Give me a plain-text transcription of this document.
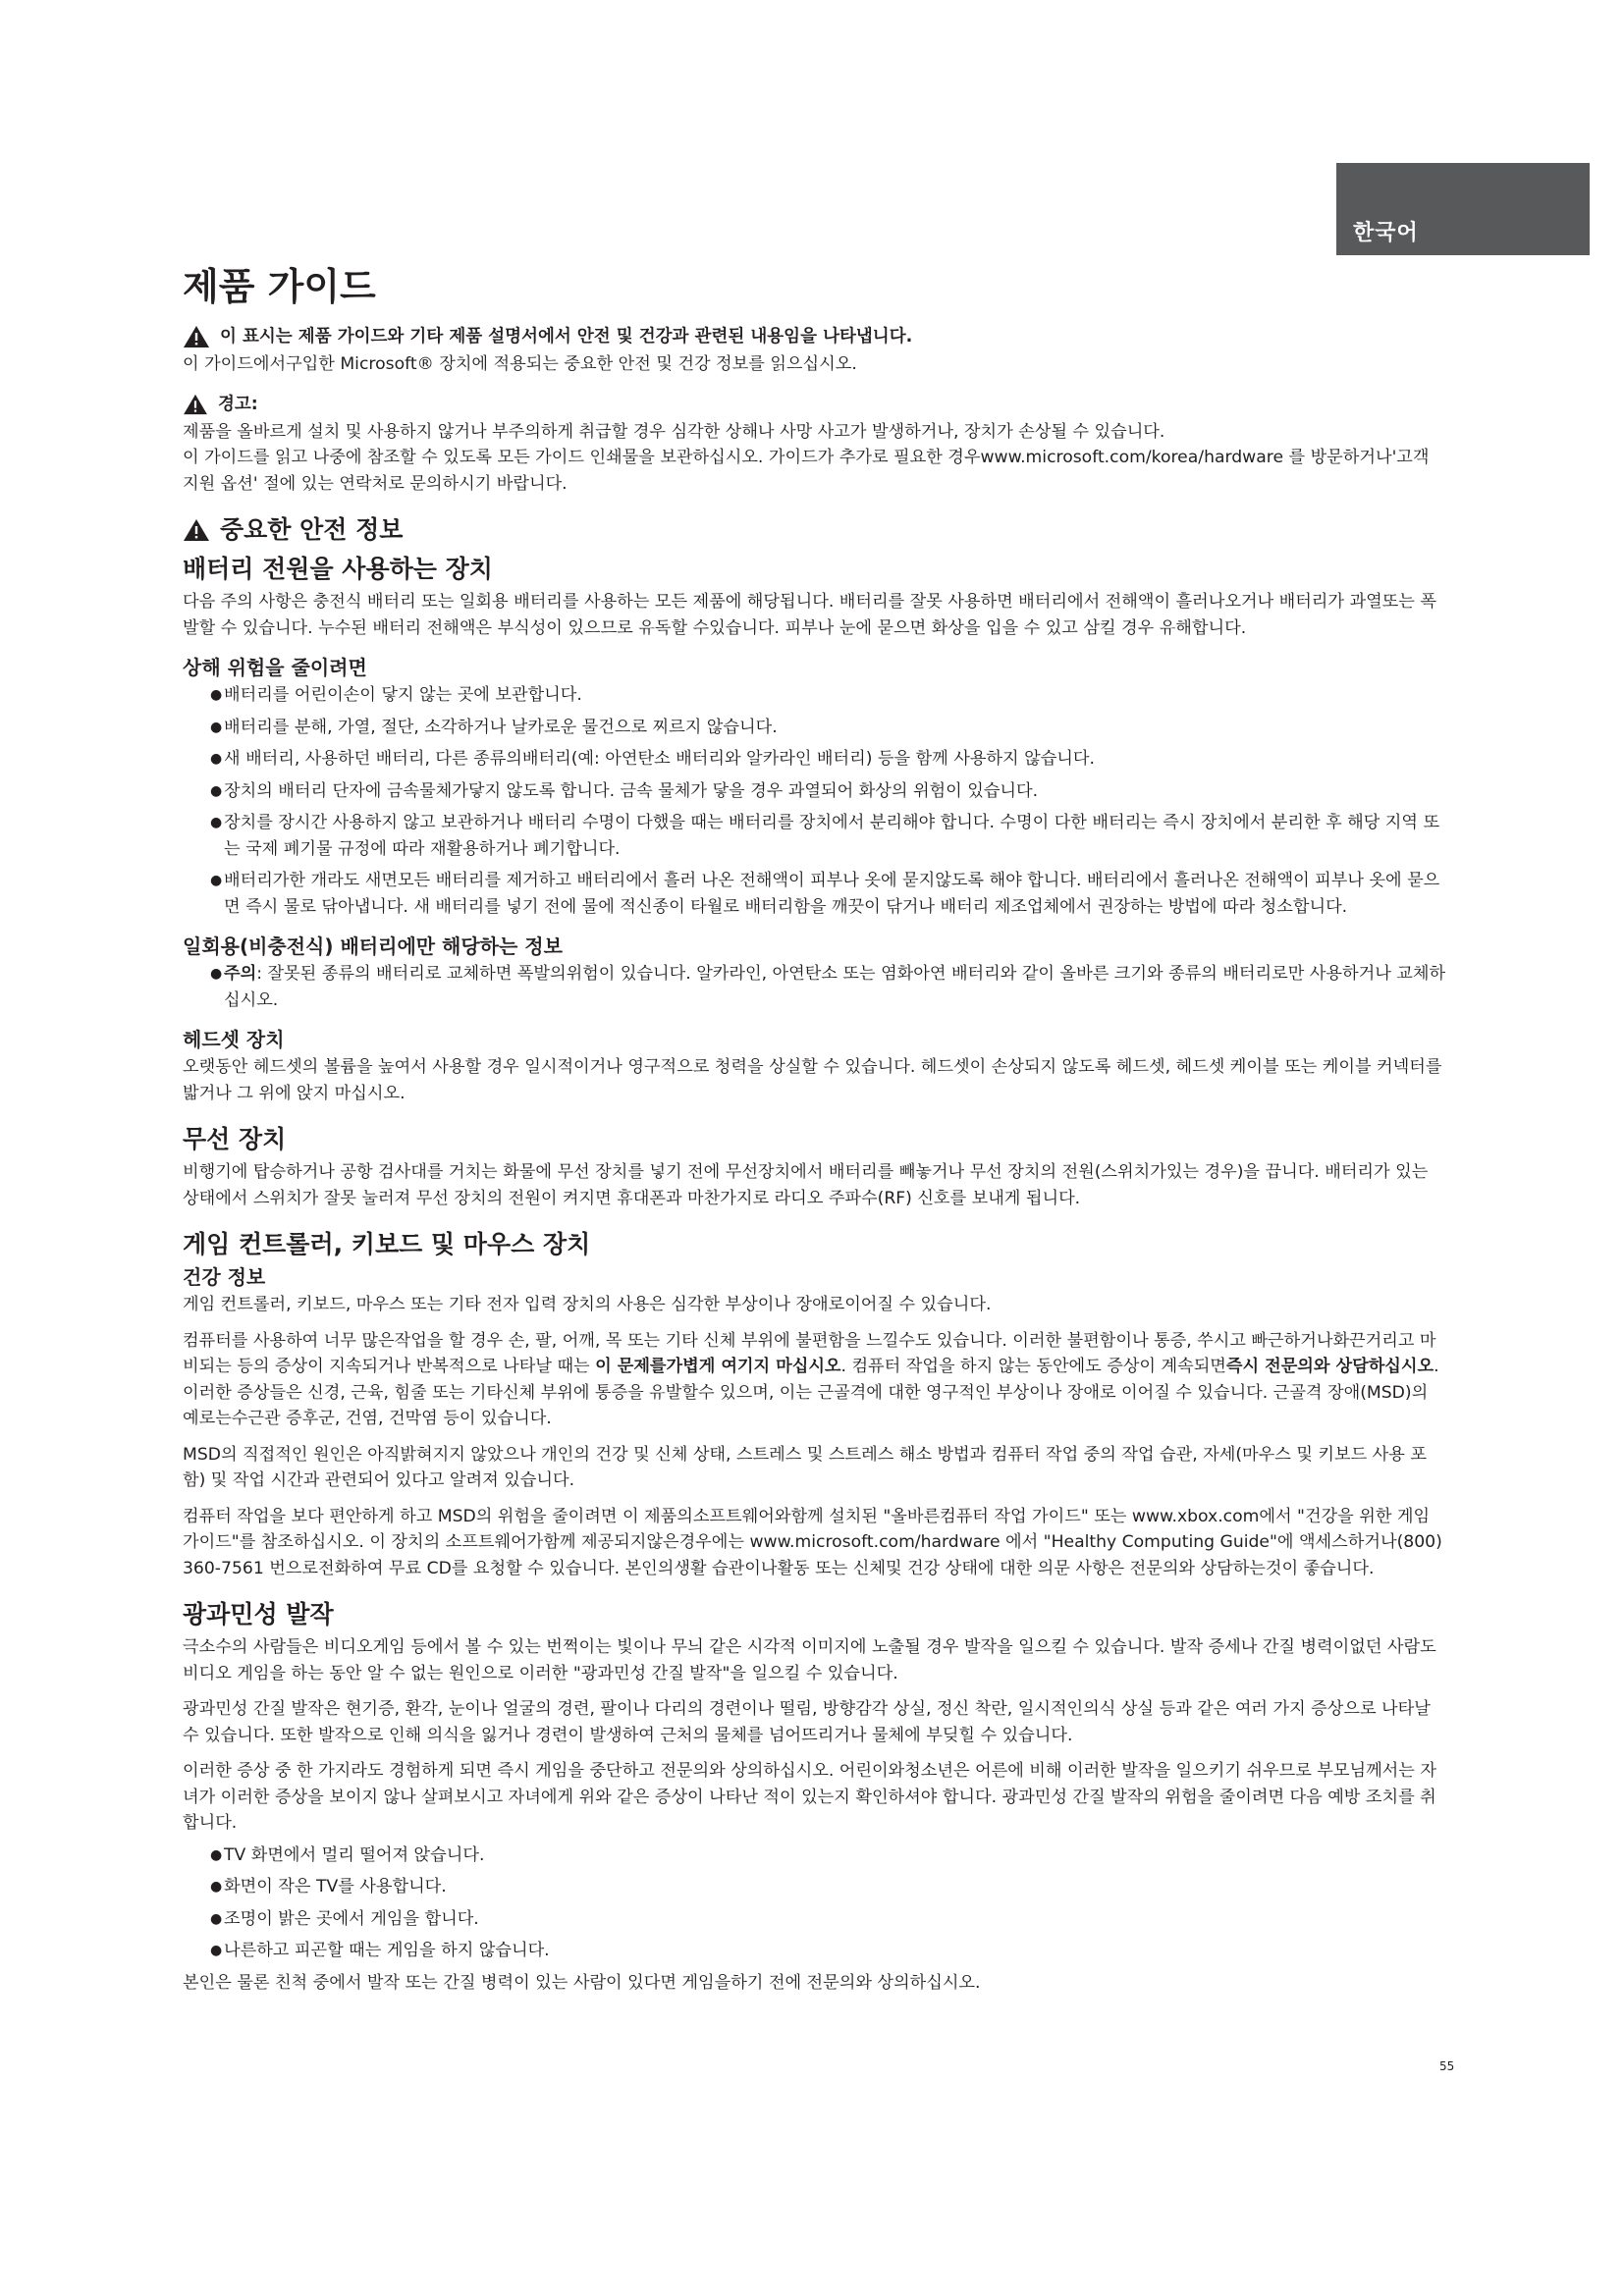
한국어
제품 가이드
이 표시는 제품 가이드와 기타 제품 설명서에서 안전 및 건강과 관련된 내용임을 나타냅니다.
이 가이드에서구입한 Microsoft® 장치에 적용되는 중요한 안전 및 건강 정보를 읽으십시오.
경고:
제품을 올바르게 설치 및 사용하지 않거나 부주의하게 취급할 경우 심각한 상해나 사망 사고가 발생하거나, 장치가 손상될 수 있습니다.
이 가이드를 읽고 나중에 참조할 수 있도록 모든 가이드 인쇄물을 보관하십시오. 가이드가 추가로 필요한 경우www.microsoft.com/korea/hardware 를 방문하거나'고객 지원 옵션' 절에 있는 연락처로 문의하시기 바랍니다.
중요한 안전 정보
배터리 전원을 사용하는 장치
다음 주의 사항은 충전식 배터리 또는 일회용 배터리를 사용하는 모든 제품에 해당됩니다. 배터리를 잘못 사용하면 배터리에서 전해액이 흘러나오거나 배터리가 과열또는 폭발할 수 있습니다. 누수된 배터리 전해액은 부식성이 있으므로 유독할 수있습니다. 피부나 눈에 묻으면 화상을 입을 수 있고 삼킬 경우 유해합니다.
상해 위험을 줄이려면
● 배터리를 어린이손이 닿지 않는 곳에 보관합니다.
● 배터리를 분해, 가열, 절단, 소각하거나 날카로운 물건으로 찌르지 않습니다.
● 새 배터리, 사용하던 배터리, 다른 종류의배터리(예: 아연탄소 배터리와 알카라인 배터리) 등을 함께 사용하지 않습니다.
● 장치의 배터리 단자에 금속물체가닿지 않도록 합니다. 금속 물체가 닿을 경우 과열되어 화상의 위험이 있습니다.
● 장치를 장시간 사용하지 않고 보관하거나 배터리 수명이 다했을 때는 배터리를 장치에서 분리해야 합니다. 수명이 다한 배터리는 즉시 장치에서 분리한 후 해당 지역 또는 국제 폐기물 규정에 따라 재활용하거나 폐기합니다.
● 배터리가한 개라도 새면모든 배터리를 제거하고 배터리에서 흘러 나온 전해액이 피부나 옷에 묻지않도록 해야 합니다. 배터리에서 흘러나온 전해액이 피부나 옷에 묻으면 즉시 물로 닦아냅니다. 새 배터리를 넣기 전에 물에 적신종이 타월로 배터리함을 깨끗이 닦거나 배터리 제조업체에서 권장하는 방법에 따라 청소합니다.
일회용(비충전식) 배터리에만 해당하는 정보
● 주의: 잘못된 종류의 배터리로 교체하면 폭발의위험이 있습니다. 알카라인, 아연탄소 또는 염화아연 배터리와 같이 올바른 크기와 종류의 배터리로만 사용하거나 교체하십시오.
헤드셋 장치
오랫동안 헤드셋의 볼륨을 높여서 사용할 경우 일시적이거나 영구적으로 청력을 상실할 수 있습니다. 헤드셋이 손상되지 않도록 헤드셋, 헤드셋 케이블 또는 케이블 커넥터를 밟거나 그 위에 앉지 마십시오.
무선 장치
비행기에 탑승하거나 공항 검사대를 거치는 화물에 무선 장치를 넣기 전에 무선장치에서 배터리를 빼놓거나 무선 장치의 전원(스위치가있는 경우)을 끕니다. 배터리가 있는 상태에서 스위치가 잘못 눌러져 무선 장치의 전원이 켜지면 휴대폰과 마찬가지로 라디오 주파수(RF) 신호를 보내게 됩니다.
게임 컨트롤러, 키보드 및 마우스 장치
건강 정보
게임 컨트롤러, 키보드, 마우스 또는 기타 전자 입력 장치의 사용은 심각한 부상이나 장애로이어질 수 있습니다.
컴퓨터를 사용하여 너무 많은작업을 할 경우 손, 팔, 어깨, 목 또는 기타 신체 부위에 불편함을 느낄수도 있습니다. 이러한 불편함이나 통증, 쑤시고 빠근하거나화끈거리고 마비되는 등의 증상이 지속되거나 반복적으로 나타날 때는 이 문제를가볍게 여기지 마십시오. 컴퓨터 작업을 하지 않는 동안에도 증상이 계속되면즉시 전문의와 상담하십시오. 이러한 증상들은 신경, 근육, 힘줄 또는 기타신체 부위에 통증을 유발할수 있으며, 이는 근골격에 대한 영구적인 부상이나 장애로 이어질 수 있습니다. 근골격 장애(MSD)의 예로는수근관 증후군, 건염, 건막염 등이 있습니다.
MSD의 직접적인 원인은 아직밝혀지지 않았으나 개인의 건강 및 신체 상태, 스트레스 및 스트레스 해소 방법과 컴퓨터 작업 중의 작업 습관, 자세(마우스 및 키보드 사용 포함) 및 작업 시간과 관련되어 있다고 알려져 있습니다.
컴퓨터 작업을 보다 편안하게 하고 MSD의 위험을 줄이려면 이 제품의소프트웨어와함께 설치된 "올바른컴퓨터 작업 가이드" 또는 www.xbox.com에서 "건강을 위한 게임 가이드"를 참조하십시오. 이 장치의 소프트웨어가함께 제공되지않은경우에는 www.microsoft.com/hardware 에서 "Healthy Computing Guide"에 액세스하거나(800) 360-7561 번으로전화하여 무료 CD를 요청할 수 있습니다. 본인의생활 습관이나활동 또는 신체및 건강 상태에 대한 의문 사항은 전문의와 상담하는것이 좋습니다.
광과민성 발작
극소수의 사람들은 비디오게임 등에서 볼 수 있는 번쩍이는 빛이나 무늬 같은 시각적 이미지에 노출될 경우 발작을 일으킬 수 있습니다. 발작 증세나 간질 병력이없던 사람도 비디오 게임을 하는 동안 알 수 없는 원인으로 이러한 "광과민성 간질 발작"을 일으킬 수 있습니다.
광과민성 간질 발작은 현기증, 환각, 눈이나 얼굴의 경련, 팔이나 다리의 경련이나 떨림, 방향감각 상실, 정신 착란, 일시적인의식 상실 등과 같은 여러 가지 증상으로 나타날 수 있습니다. 또한 발작으로 인해 의식을 잃거나 경련이 발생하여 근처의 물체를 넘어뜨리거나 물체에 부딪힐 수 있습니다.
이러한 증상 중 한 가지라도 경험하게 되면 즉시 게임을 중단하고 전문의와 상의하십시오. 어린이와청소년은 어른에 비해 이러한 발작을 일으키기 쉬우므로 부모님께서는 자녀가 이러한 증상을 보이지 않나 살펴보시고 자녀에게 위와 같은 증상이 나타난 적이 있는지 확인하셔야 합니다. 광과민성 간질 발작의 위험을 줄이려면 다음 예방 조치를 취합니다.
● TV 화면에서 멀리 떨어져 앉습니다.
● 화면이 작은 TV를 사용합니다.
● 조명이 밝은 곳에서 게임을 합니다.
● 나른하고 피곤할 때는 게임을 하지 않습니다.
본인은 물론 친척 중에서 발작 또는 간질 병력이 있는 사람이 있다면 게임을하기 전에 전문의와 상의하십시오.
55
